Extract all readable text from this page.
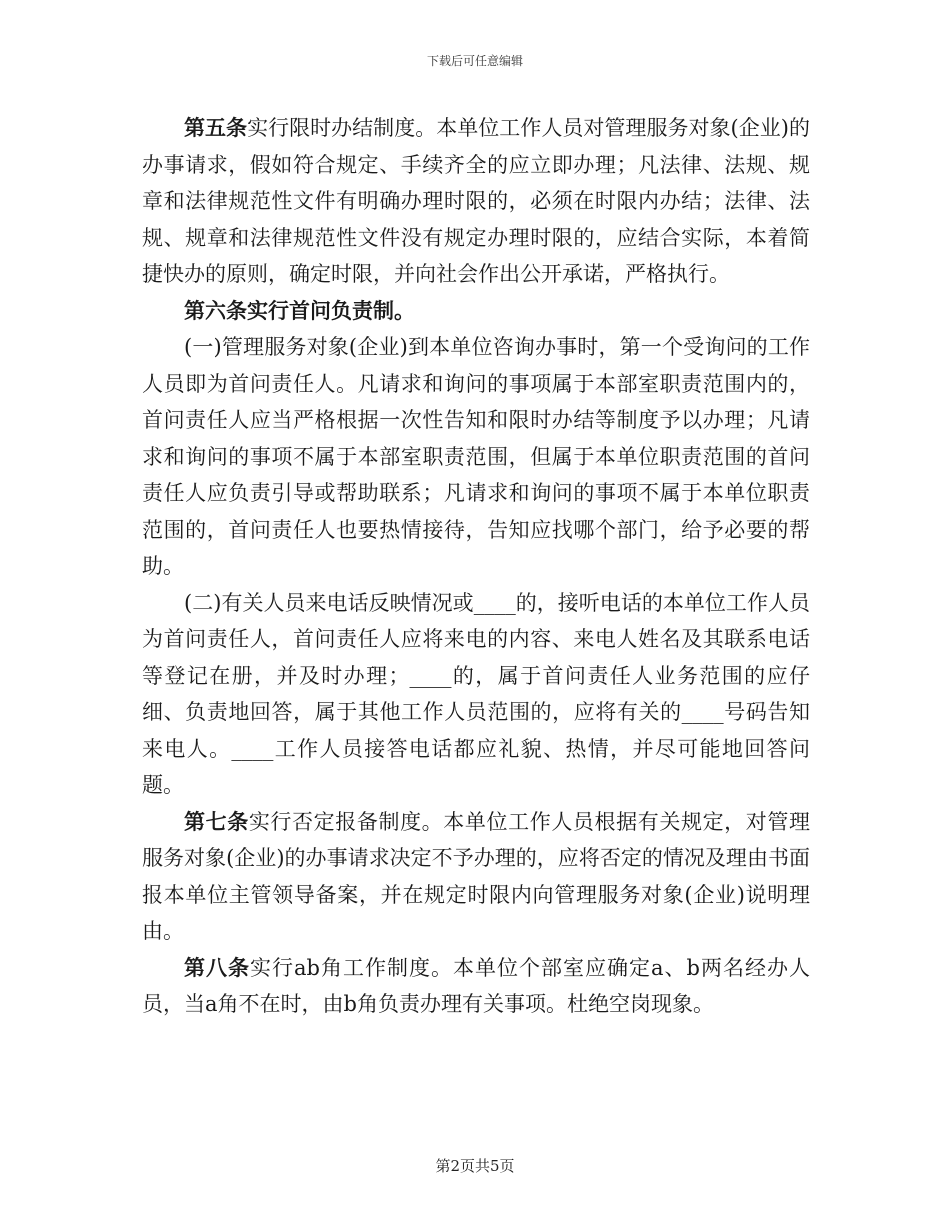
下载后可任意编辑

第五条实行限时办结制度。本单位工作人员对管理服务对象(企业)的办事请求，假如符合规定、手续齐全的应立即办理；凡法律、法规、规章和法律规范性文件有明确办理时限的，必须在时限内办结；法律、法规、规章和法律规范性文件没有规定办理时限的，应结合实际，本着简捷快办的原则，确定时限，并向社会作出公开承诺，严格执行。

第六条实行首问负责制。

(一)管理服务对象(企业)到本单位咨询办事时，第一个受询问的工作人员即为首问责任人。凡请求和询问的事项属于本部室职责范围内的，首问责任人应当严格根据一次性告知和限时办结等制度予以办理；凡请求和询问的事项不属于本部室职责范围，但属于本单位职责范围的首问责任人应负责引导或帮助联系；凡请求和询问的事项不属于本单位职责范围的，首问责任人也要热情接待，告知应找哪个部门，给予必要的帮助。

(二)有关人员来电话反映情况或____的，接听电话的本单位工作人员为首问责任人，首问责任人应将来电的内容、来电人姓名及其联系电话等登记在册，并及时办理；____的，属于首问责任人业务范围的应仔细、负责地回答，属于其他工作人员范围的，应将有关的____号码告知来电人。____工作人员接答电话都应礼貌、热情，并尽可能地回答问题。

第七条实行否定报备制度。本单位工作人员根据有关规定，对管理服务对象(企业)的办事请求决定不予办理的，应将否定的情况及理由书面报本单位主管领导备案，并在规定时限内向管理服务对象(企业)说明理由。

第八条实行ab角工作制度。本单位个部室应确定a、b两名经办人员，当a角不在时，由b角负责办理有关事项。杜绝空岗现象。

第2页共5页
